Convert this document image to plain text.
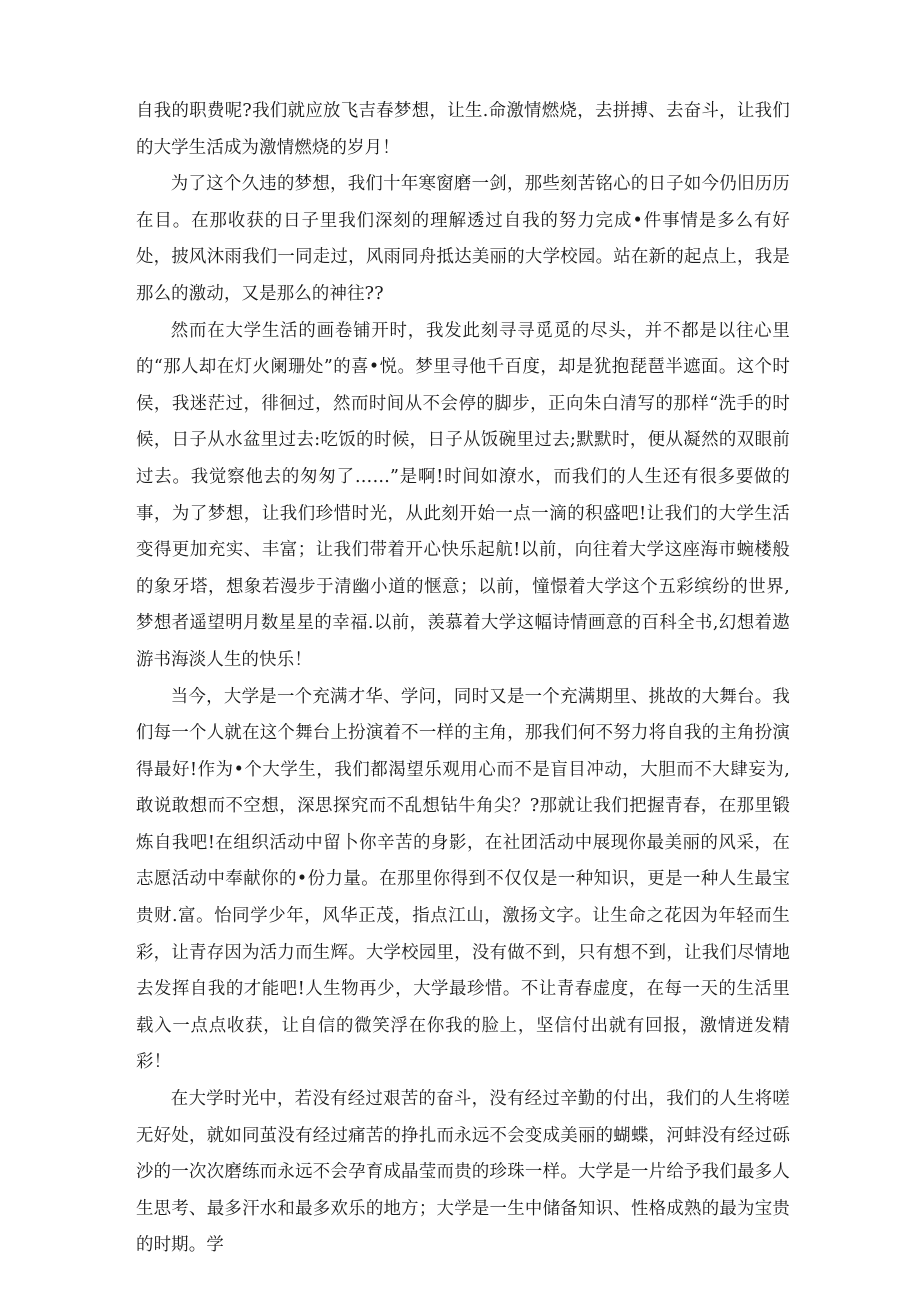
自我的职费呢?我们就应放飞吉春梦想，让生.命激情燃烧，去拼搏、去奋斗，让我们的大学生活成为激情燃烧的岁月！

为了这个久违的梦想，我们十年寒窗磨一剑，那些刻苦铭心的日子如今仍旧历历在目。在那收获的日子里我们深刻的理解透过自我的努力完成•件事情是多么有好处，披风沐雨我们一同走过，风雨同舟抵达美丽的大学校园。站在新的起点上，我是那么的激动，又是那么的神往??

然而在大学生活的画卷铺开时，我发此刻寻寻觅觅的尽头，并不都是以往心里的“那人却在灯火阑珊处”的喜•悦。梦里寻他千百度，却是犹抱琵琶半遮面。这个时侯，我迷茫过，徘徊过，然而时间从不会停的脚步，正向朱白清写的那样“洗手的时候，日子从水盆里过去:吃饭的时候，日子从饭碗里过去;默默时，便从凝然的双眼前过去。我觉察他去的匆匆了……”是啊!时间如潦水，而我们的人生还有很多要做的事，为了梦想，让我们珍惜时光，从此刻开始一点一滴的积盛吧!让我们的大学生活变得更加充实、丰富；让我们带着开心快乐起航!以前，向往着大学这座海市蜿楼般的象牙塔，想象若漫步于清幽小道的惬意；以前，憧憬着大学这个五彩缤纷的世界,梦想者遥望明月数星星的幸福.以前，羡慕着大学这幅诗情画意的百科全书,幻想着遨游书海淡人生的快乐！

当今，大学是一个充满才华、学问，同时又是一个充满期里、挑故的大舞台。我们每一个人就在这个舞台上扮演着不一样的主角，那我们何不努力将自我的主角扮演得最好!作为•个大学生，我们都渴望乐观用心而不是盲目冲动，大胆而不大肆妄为,敢说敢想而不空想，深思探究而不乱想钻牛角尖？?那就让我们把握青春，在那里锻炼自我吧!在组织活动中留卜你辛苦的身影，在社团活动中展现你最美丽的风采，在志愿活动中奉献你的•份力量。在那里你得到不仅仅是一种知识，更是一种人生最宝贵财.富。怡同学少年，风华正茂，指点江山，激扬文字。让生命之花因为年轻而生彩，让青存因为活力而生辉。大学校园里，没有做不到，只有想不到，让我们尽情地去发挥自我的才能吧!人生物再少，大学最珍惜。不让青春虚度，在每一天的生活里载入一点点收获，让自信的微笑浮在你我的脸上，坚信付出就有回报，激情迸发精彩！

在大学时光中，若没有经过艰苦的奋斗，没有经过辛勤的付出，我们的人生将嗟无好处，就如同茧没有经过痛苦的挣扎而永远不会变成美丽的蝴蝶，河蚌没有经过砾沙的一次次磨练而永远不会孕育成晶莹而贵的珍珠一样。大学是一片给予我们最多人生思考、最多汗水和最多欢乐的地方；大学是一生中储备知识、性格成熟的最为宝贵的时期。学
